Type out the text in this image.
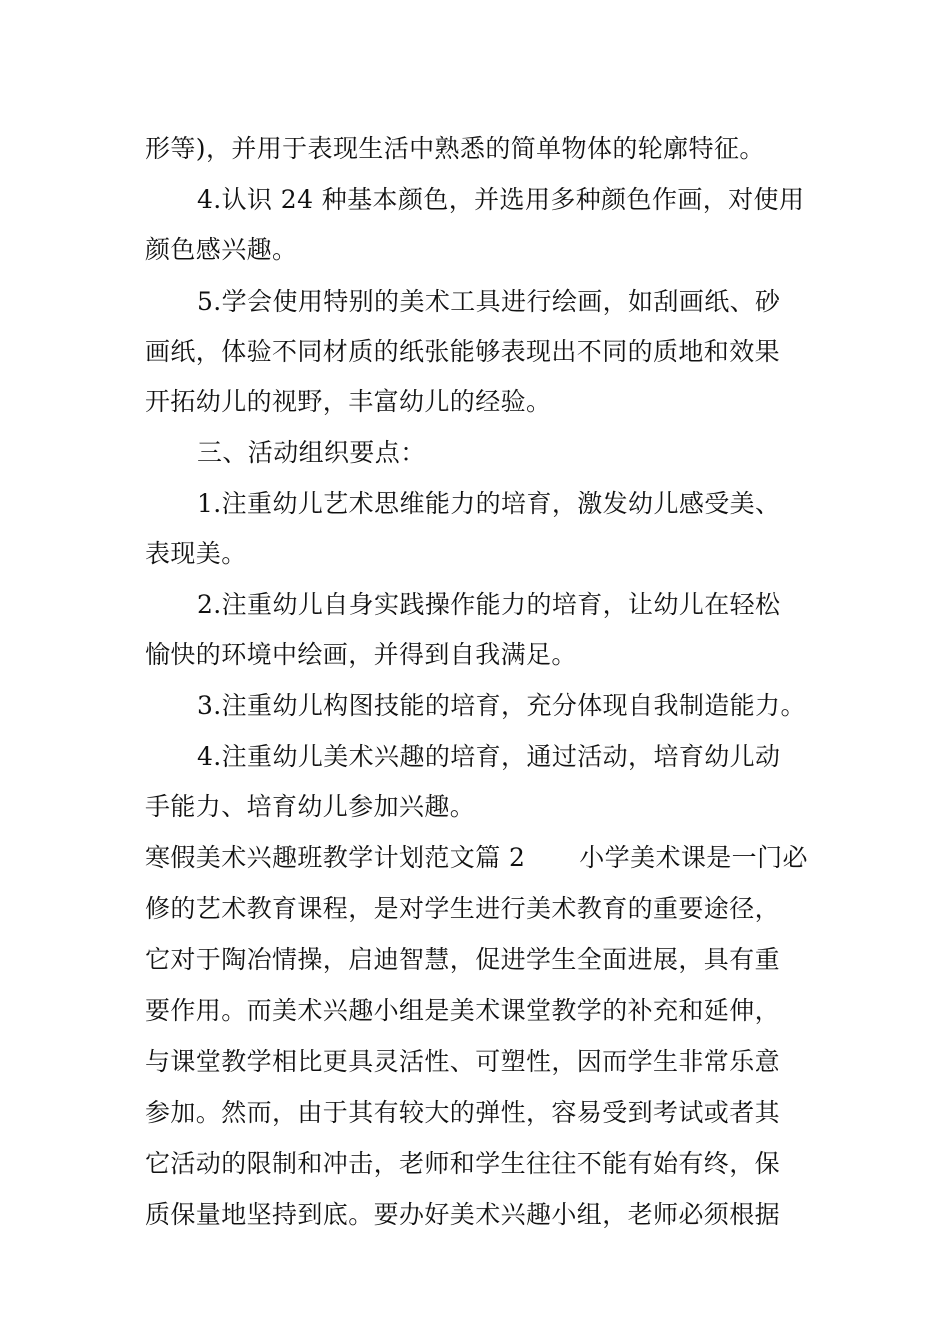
形等)，并用于表现生活中熟悉的简单物体的轮廓特征。
4.认识 24 种基本颜色，并选用多种颜色作画，对使用
颜色感兴趣。
5.学会使用特别的美术工具进行绘画，如刮画纸、砂
画纸，体验不同材质的纸张能够表现出不同的质地和效果
开拓幼儿的视野，丰富幼儿的经验。
三、活动组织要点：
1.注重幼儿艺术思维能力的培育，激发幼儿感受美、
表现美。
2.注重幼儿自身实践操作能力的培育，让幼儿在轻松
愉快的环境中绘画，并得到自我满足。
3.注重幼儿构图技能的培育，充分体现自我制造能力。
4.注重幼儿美术兴趣的培育，通过活动，培育幼儿动
手能力、培育幼儿参加兴趣。
寒假美术兴趣班教学计划范文篇 2 小学美术课是一门必
修的艺术教育课程，是对学生进行美术教育的重要途径，
它对于陶冶情操，启迪智慧，促进学生全面进展，具有重
要作用。而美术兴趣小组是美术课堂教学的补充和延伸，
与课堂教学相比更具灵活性、可塑性，因而学生非常乐意
参加。然而，由于其有较大的弹性，容易受到考试或者其
它活动的限制和冲击，老师和学生往往不能有始有终，保
质保量地坚持到底。要办好美术兴趣小组，老师必须根据
